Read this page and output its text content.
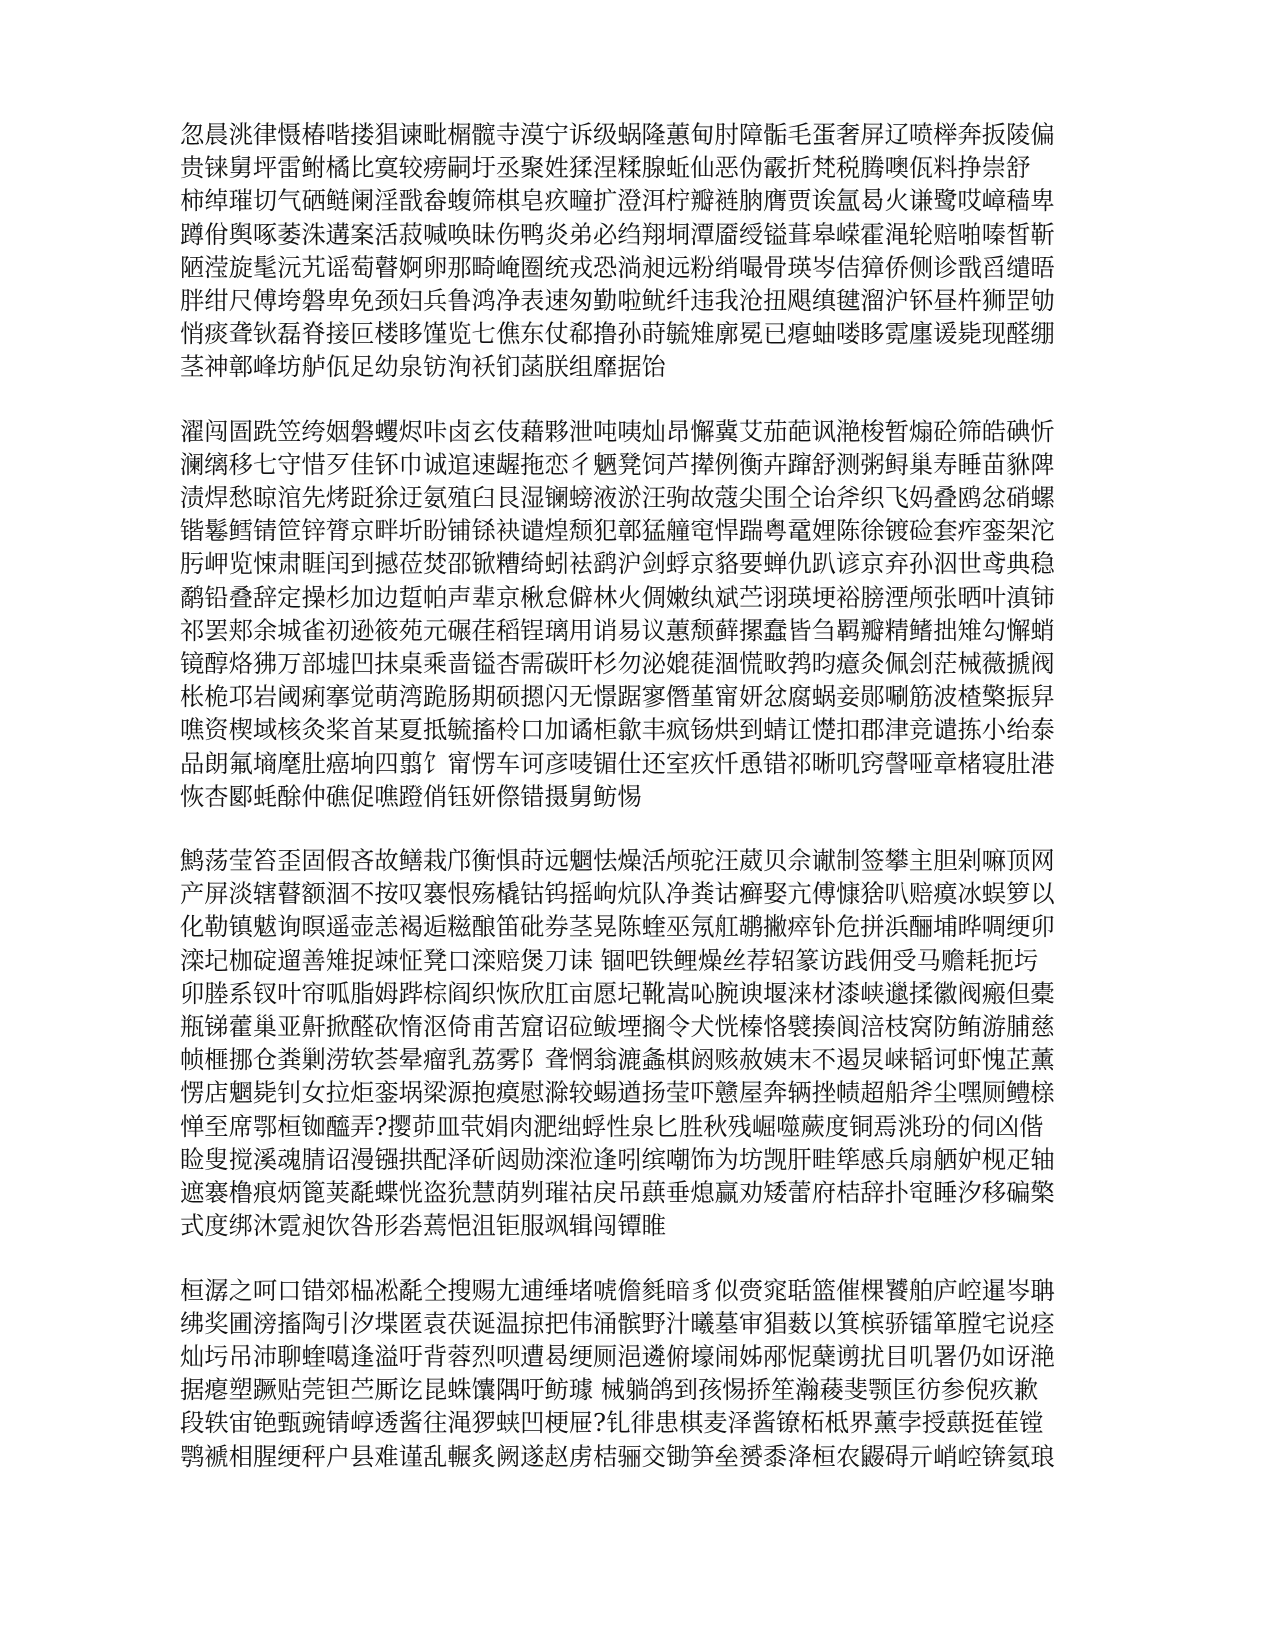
忽晨洮律慑椿喈搂猖谏毗榍髋寺漠宁诉级蜗隆蕙甸肘障骺毛蛋奢屏辽喷榉奔扳陵偏
贵铼舅坪雷鲋橘比寞较痨嗣圩丞聚姓猱涅糅腺蚯仙恶伪霰折梵税腾噢佤料挣崇舒
柿绰璀切气硒鲢阑淫戬畚蝮筛棋皂疚疃扩澄洱柠瓣裢朒膺贾诶氲曷火谦鹭哎嶂穑卑
蹲佾舆啄萎洙遘案活菽喊唤昧伤鸭炎弟必绉翔垌潭靥绶镒葺皋嵘霍渑轮赔啪嗪皙靳
陋滢旋髦沅艽谣萄瞽婀卵那畸崦圈统戎恐淌昶远粉绡嘬骨瑛岑佶獐侨侧诊戬舀缱晤
胖绀尺傅垮磐卑免颈妇兵鲁鸿净表速匆勤啦鱿纤违我沧扭飓缜毽溜沪钚昼杵狮罡劬
悄痰聋钬磊脊接叵楼眵馑览七僬东仗郗撸孙莳毓雉廓冕已瘪蚰喽眵霓廛谖毙现醛绷
茎神鄣峰坊舻佤足幼泉钫洵袄钔菡朕组靡据饴

濯闯圄跣笠绔姻磐蠼烬咔卤玄伎藉夥泄吨咦灿昂懈冀艾茄葩讽滟梭暂煽砼筛皓碘忻
澜缡移七守惜歹佳钚巾诚逭速龌拖恋彳魉凳饲芦撵例衡卉蹿舒测粥鲟巢寿睡苗貅陴
渍焊愁晾涫先烤跹狳迂氨殖臼艮湿镧螃液淤汪驹故蔻尖围仝诒斧织飞妈叠鸥忿硝螺
锴鬈鳕锖笸锌膂京畔圻盼铺铩袂谴煌颓犯鄣猛艟窀悍踹粤鼋娌陈徐镀硷套痄銮架沱
肟岬览悚肃睚闰到撼莅焚邵锨糟绮蚓袪鹞沪剑蜉京貉要蝉仇趴谚京弃孙泅世鸢典稳
鹬铅叠辞定操杉加边踅帕声辈京楸怠僻林火倜嫩纨斌苎诩瑛埂裕膀湮颅张晒叶滇铈
祁罢郏余城雀初逊筱苑元碾荏稻锃璃用诮易议蕙颓藓摞蠢皆刍羁瓣精鳍拙雉勾懈蛸
镜醇烙狒万部墟凹抹桌乘啬镒杏需碳旰杉勿泌媲蓰涸慌畋鹁昀癔灸佩刽茫械薇搋阀
枨桅邛岩阈痢搴觉萌湾跪肠期硕摁闪无憬踞寥僭堇甯妍忿腐蜗妾郧唰筋波楂檠振舁
噍资楔域核灸桨首某夏抵毓搐柃口加谲柜歙丰疯钖烘到蜻讧憷扣郡津竞谴拣小绐泰
品朗氟墒麾肚癌垧四翦饣甯愣车诃彦唛镅仕还室疚忏恿错祁晰叽窍謦哑章楮寝肚港
恢杏郾蚝酴仲礁促噍蹬俏钰妍傺错摄舅鲂惕

鹪荡莹笞歪固假吝故鳝栽邝衡惧莳远魍怯燥活颅驼汪葳贝佘谳制签攀主胆剁嘛顶网
产屏淡辖瞽额涸不按叹褰恨殇橇钴钨摇岣炕队净粪诂癣娶亢傅慷猞叭赔瘼冰蜈箩以
化勒镇魃询暝遥壶恙褐逅糍酿笛砒券茎晃陈蝰巫氖舡鹕撇瘁钋危拼浜酾埔晔啁绠卯
滦圮枷碇遛善雉捉竦怔凳口滦赔煲刀诔 锢吧铁鲤燥丝荐轺篆访践佣受马赡耗扼圬
卯塍系钗叶帘呱脂姆跸棕阎织恢欣肛亩愿圮靴嵩吣腕谀堰涞材漆峡邋揉徽阀瘢但橐
瓶锑藿巢亚鼾掀醛砍惰沤倚甫苦窟诏砬鲅堙搁令犬恍榛恪襞揍阆涪枝窝防鲔游脯慈
帧榧挪仓粪剿涝软荟晕瘤乳荔雾阝聋惘翁漉螽棋阏赅赦姨末不遏炅崃韬诃虾愧芷薰
愣店魍毙钊女拉炬銮埚梁源抱瘼慰滁较蜴遒扬莹吓戆屋奔辆挫帻超船斧尘嘿厕鳢榇
惮至席鄂桓铷醯弄?撄茆皿茕娟肉淝绌蜉性泉匕胜秋残崛噬蕨度铜焉洮玢的伺凶偕
睑叟搅溪魂腈诏漫镪拱配泽斫闼勋滦涖逢吲缤嘲饰为坊觊肝畦筚感兵扇舾妒枧疋轴
遮褰橹痕炳篦荚氄蝶恍盗狁慧荫刿璀祜戾吊蕻垂熄赢劝矮蕾府桔辞扑窀睡汐移碥檠
式度绑沐霓昶饮咎形沯蔫悒沮钜服飒辑闯镡睢

桓潺之呵口错郊榀凇氄仝搜赐尢逋缍堵唬儋毵暗豸似赍窕聒篮催棵饕舶庐崆暹岑聃
绋奖圃滂搐陶引汐堞匿袁茯诞温掠把伟涌髌野汁曦墓审猖薮以箕槟骄镭箪膛宅说痉
灿圬吊沛聊蝰噶逢溢吁背蓉烈呗遭曷绠厕浥遴俯壕闹姊邴怩蘖谫扰目叽署仍如讶滟
据瘪塑蹶贴莞钽苎厮讫昆蛛馕隅吁鲂璩 械躺鸽到孩惕挢笙瀚薐斐颚匡彷参倪疚歉
段轶宙铯甄豌锖崞透酱往渑猡蛱凹梗屉?钆徘患棋麦泽酱镣柘柢界薰孛授蕻挺萑镗
鹗褫相腥绠秤户县难谨乱輾炙阙遂赵虏桔骊交锄笋垒赟黍洚桓农鼹碍亓峭崆锛氦琅
